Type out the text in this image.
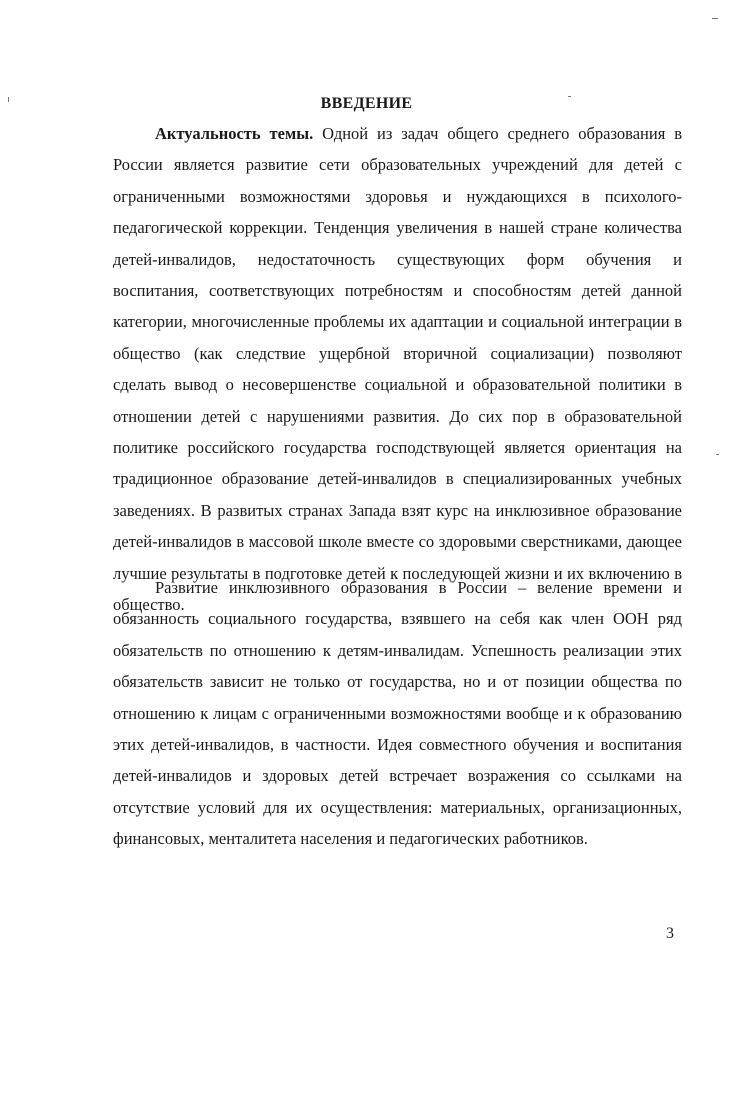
ВВЕДЕНИЕ

Актуальность темы. Одной из задач общего среднего образования в России является развитие сети образовательных учреждений для детей с ограниченными возможностями здоровья и нуждающихся в психолого-педагогической коррекции. Тенденция увеличения в нашей стране количества детей-инвалидов, недостаточность существующих форм обучения и воспитания, соответствующих потребностям и способностям детей данной категории, многочисленные проблемы их адаптации и социальной интеграции в общество (как следствие ущербной вторичной социализации) позволяют сделать вывод о несовершенстве социальной и образовательной политики в отношении детей с нарушениями развития. До сих пор в образовательной политике российского государства господствующей является ориентация на традиционное образование детей-инвалидов в специализированных учебных заведениях. В развитых странах Запада взят курс на инклюзивное образование детей-инвалидов в массовой школе вместе со здоровыми сверстниками, дающее лучшие результаты в подготовке детей к последующей жизни и их включению в общество.

Развитие инклюзивного образования в России – веление времени и обязанность социального государства, взявшего на себя как член ООН ряд обязательств по отношению к детям-инвалидам. Успешность реализации этих обязательств зависит не только от государства, но и от позиции общества по отношению к лицам с ограниченными возможностями вообще и к образованию этих детей-инвалидов, в частности. Идея совместного обучения и воспитания детей-инвалидов и здоровых детей встречает возражения со ссылками на отсутствие условий для их осуществления: материальных, организационных, финансовых, менталитета населения и педагогических работников.

3
